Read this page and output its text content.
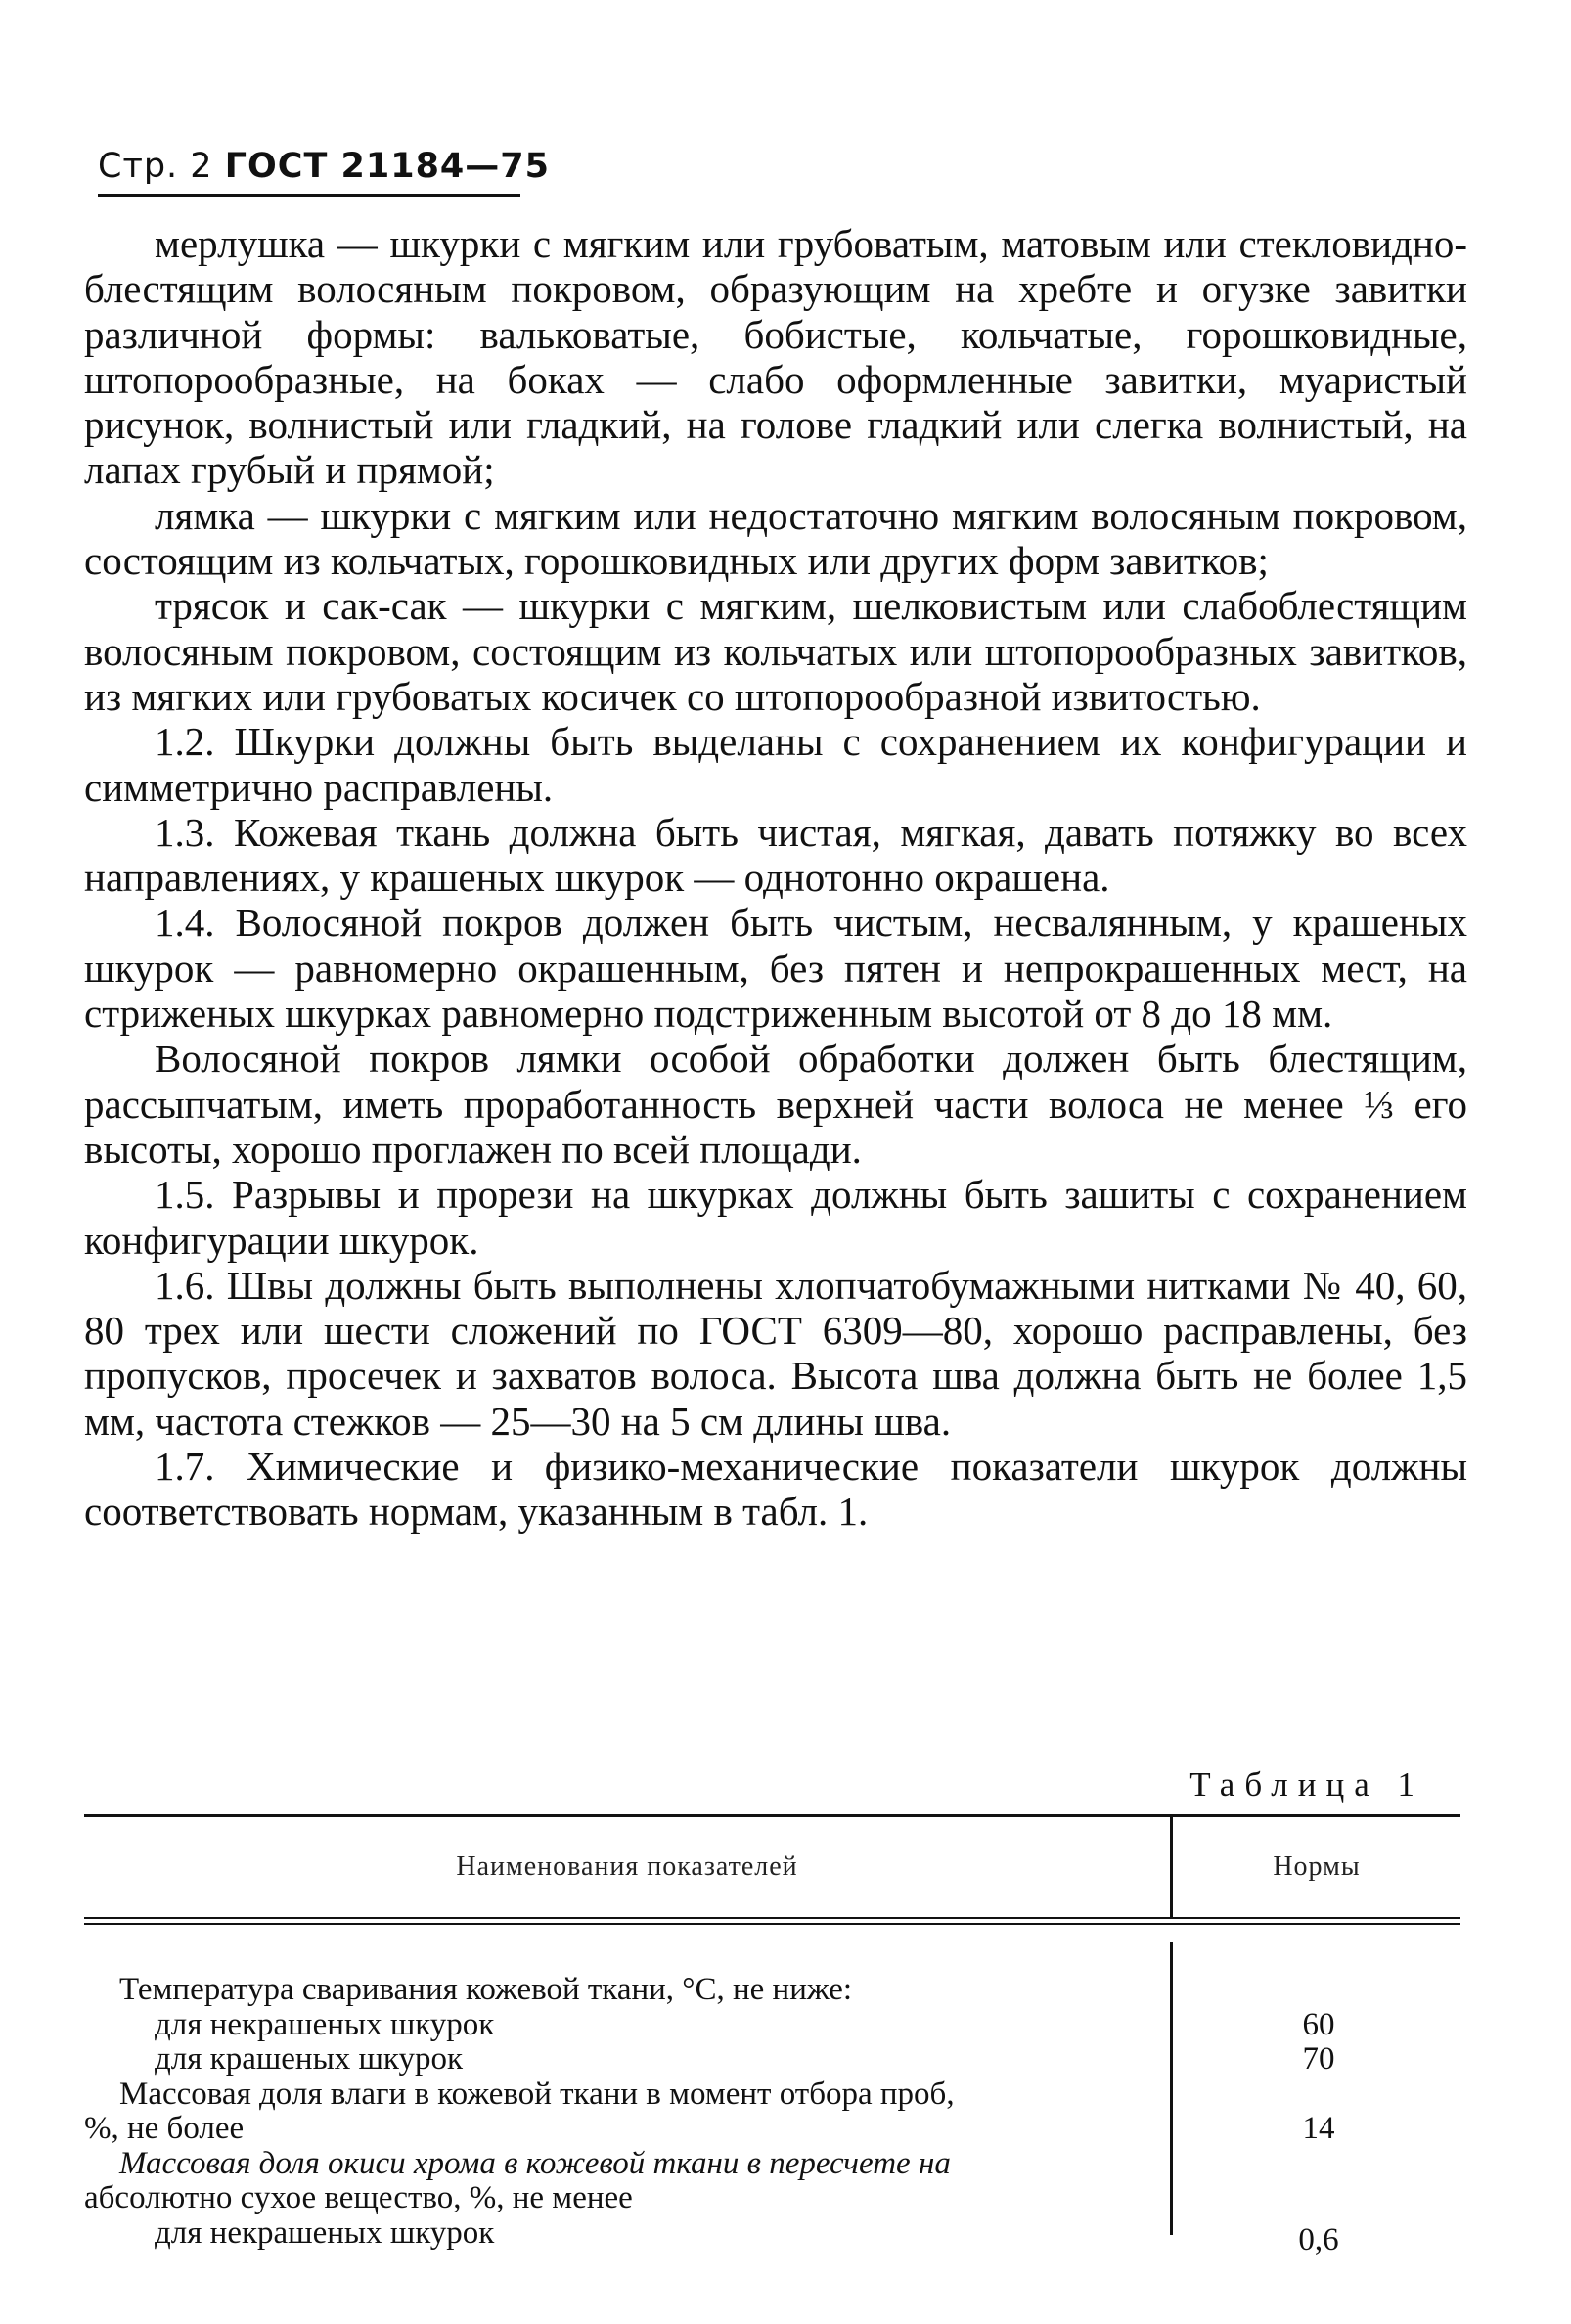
Стр. 2 ГОСТ 21184—75

мерлушка — шкурки с мягким или грубоватым, матовым или стекловидно-блестящим волосяным покровом, образующим на хребте и огузке завитки различной формы: вальковатые, бобистые, кольчатые, горошковидные, штопорообразные, на боках — слабо оформленные завитки, муаристый рисунок, волнистый или гладкий, на голове гладкий или слегка волнистый, на лапах грубый и прямой;

лямка — шкурки с мягким или недостаточно мягким волосяным покровом, состоящим из кольчатых, горошковидных или других форм завитков;

трясок и сак-сак — шкурки с мягким, шелковистым или слабоблестящим волосяным покровом, состоящим из кольчатых или штопорообразных завитков, из мягких или грубоватых косичек со штопорообразной извитостью.

1.2. Шкурки должны быть выделаны с сохранением их конфигурации и симметрично расправлены.

1.3. Кожевая ткань должна быть чистая, мягкая, давать потяжку во всех направлениях, у крашеных шкурок — однотонно окрашена.

1.4. Волосяной покров должен быть чистым, несвалянным, у крашеных шкурок — равномерно окрашенным, без пятен и непрокрашенных мест, на стриженых шкурках равномерно подстриженным высотой от 8 до 18 мм.

Волосяной покров лямки особой обработки должен быть блестящим, рассыпчатым, иметь проработанность верхней части волоса не менее ⅓ его высоты, хорошо проглажен по всей площади.

1.5. Разрывы и прорези на шкурках должны быть зашиты с сохранением конфигурации шкурок.

1.6. Швы должны быть выполнены хлопчатобумажными нитками № 40, 60, 80 трех или шести сложений по ГОСТ 6309—80, хорошо расправлены, без пропусков, просечек и захватов волоса. Высота шва должна быть не более 1,5 мм, частота стежков — 25—30 на 5 см длины шва.

1.7. Химические и физико-механические показатели шкурок должны соответствовать нормам, указанным в табл. 1.

Таблица 1
Наименования показателей	Нормы
Температура сваривания кожевой ткани, °С, не ниже:
для некрашеных шкурок	60
для крашеных шкурок	70
Массовая доля влаги в кожевой ткани в момент отбора проб,
%, не более	14
Массовая доля окиси хрома в кожевой ткани в пересчете на
абсолютно сухое вещество, %, не менее
для некрашеных шкурок	0,6
